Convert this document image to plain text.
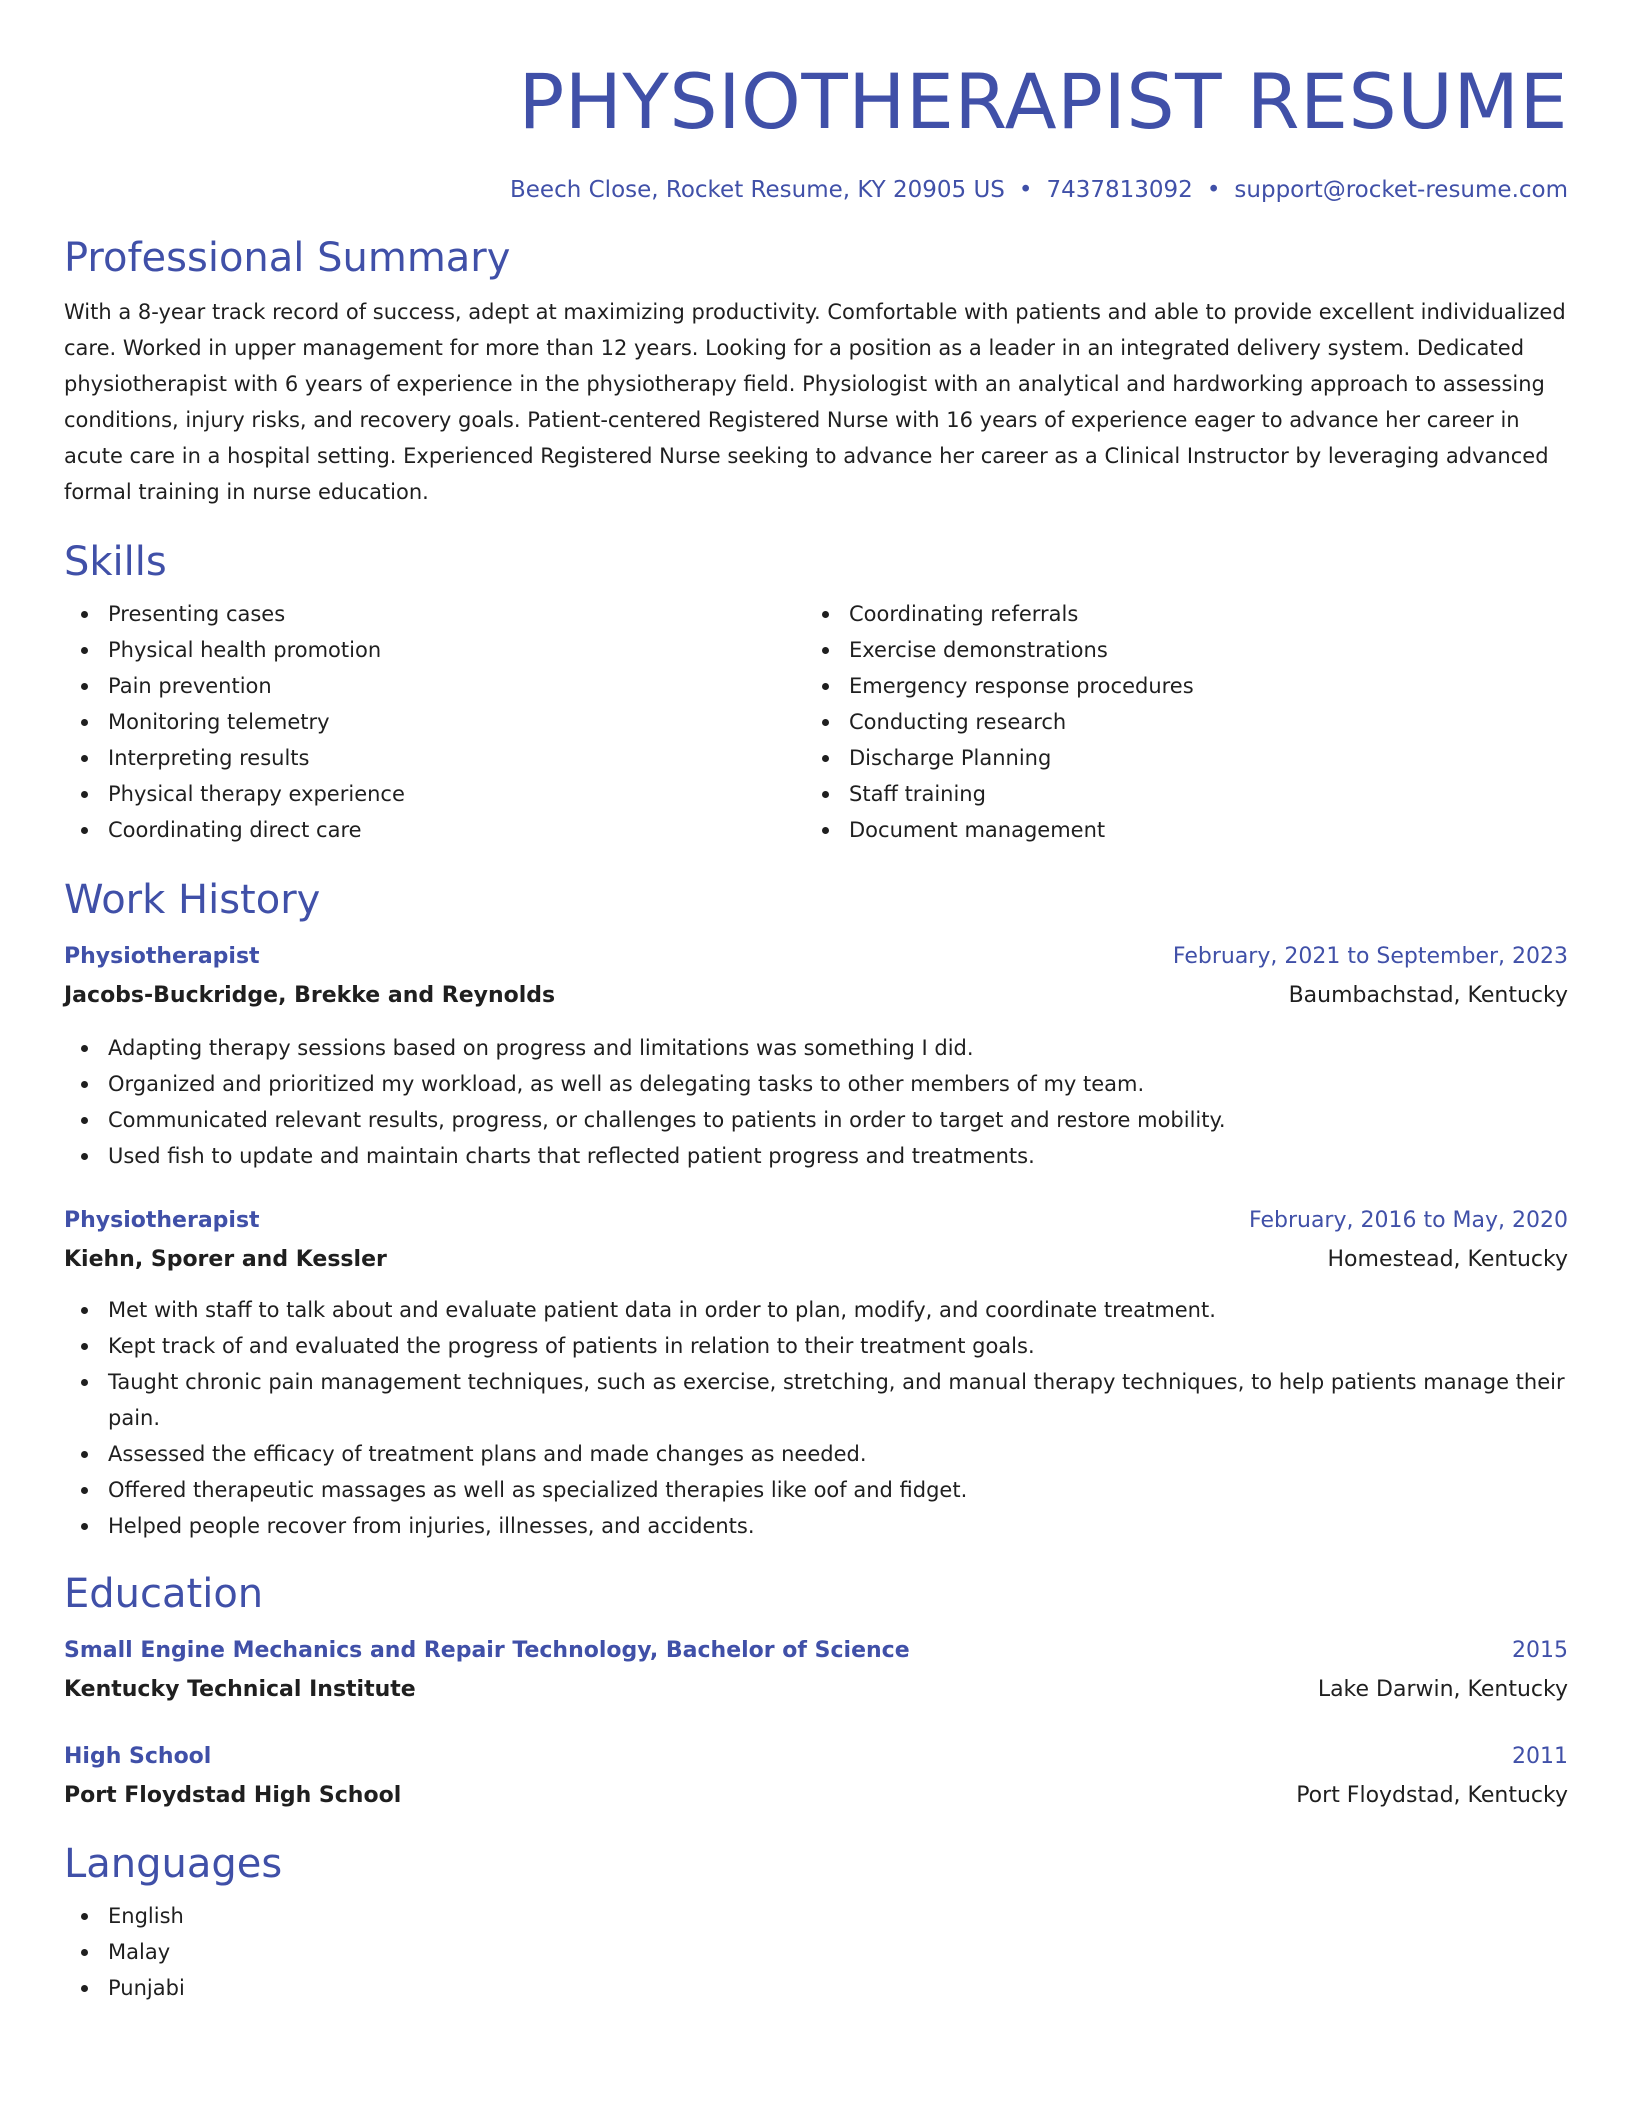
PHYSIOTHERAPIST RESUME
Beech Close, Rocket Resume, KY 20905 US • 7437813092 • support@rocket-resume.com
Professional Summary

With a 8-year track record of success, adept at maximizing productivity. Comfortable with patients and able to provide excellent individualized care. Worked in upper management for more than 12 years. Looking for a position as a leader in an integrated delivery system. Dedicated physiotherapist with 6 years of experience in the physiotherapy field. Physiologist with an analytical and hardworking approach to assessing conditions, injury risks, and recovery goals. Patient-centered Registered Nurse with 16 years of experience eager to advance her career in acute care in a hospital setting. Experienced Registered Nurse seeking to advance her career as a Clinical Instructor by leveraging advanced formal training in nurse education.

Skills
Presenting cases
Physical health promotion
Pain prevention
Monitoring telemetry
Interpreting results
Physical therapy experience
Coordinating direct care
Coordinating referrals
Exercise demonstrations
Emergency response procedures
Conducting research
Discharge Planning
Staff training
Document management
Work History
Physiotherapist	February, 2021 to September, 2023
Jacobs-Buckridge, Brekke and Reynolds	Baumbachstad, Kentucky
Adapting therapy sessions based on progress and limitations was something I did.
Organized and prioritized my workload, as well as delegating tasks to other members of my team.
Communicated relevant results, progress, or challenges to patients in order to target and restore mobility.
Used fish to update and maintain charts that reflected patient progress and treatments.
Physiotherapist	February, 2016 to May, 2020
Kiehn, Sporer and Kessler	Homestead, Kentucky
Met with staff to talk about and evaluate patient data in order to plan, modify, and coordinate treatment.
Kept track of and evaluated the progress of patients in relation to their treatment goals.
Taught chronic pain management techniques, such as exercise, stretching, and manual therapy techniques, to help patients manage their pain.
Assessed the efficacy of treatment plans and made changes as needed.
Offered therapeutic massages as well as specialized therapies like oof and fidget.
Helped people recover from injuries, illnesses, and accidents.
Education
Small Engine Mechanics and Repair Technology, Bachelor of Science	2015
Kentucky Technical Institute	Lake Darwin, Kentucky
High School	2011
Port Floydstad High School	Port Floydstad, Kentucky
Languages
English
Malay
Punjabi
